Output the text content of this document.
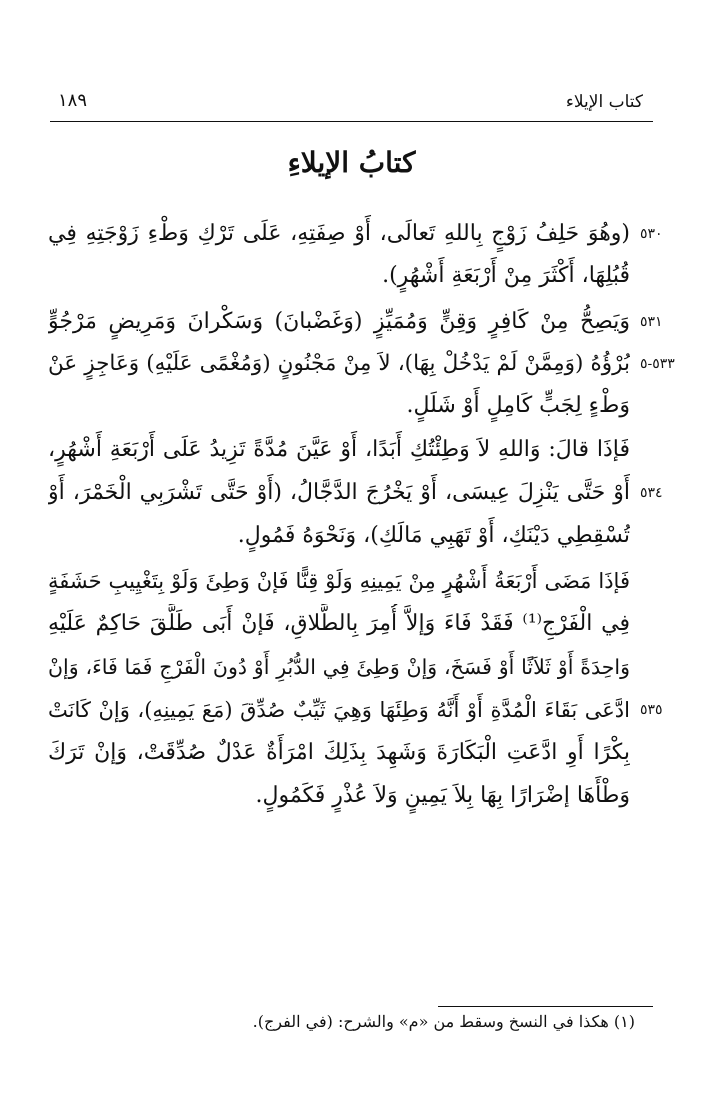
كتاب الإيلاء
١٨٩
كتابُ الإيلاءِ
(وهُوَ حَلِفُ زَوْجٍ بِاللهِ تَعالَى، أَوْ صِفَتِهِ، عَلَى تَرْكِ وَطْءِ زَوْجَتِهِ فِي
قُبُلِهَا، أَكْثَرَ مِنْ أَرْبَعَةِ أَشْهُرٍ).
وَيَصِحُّ مِنْ كَافِرٍ وَقِنٍّ وَمُمَيِّزٍ (وَغَضْبانَ) وَسَكْرانَ وَمَرِيضٍ مَرْجُوٍّ
بُرْؤُهُ (وَمِمَّنْ لَمْ يَدْخُلْ بِهَا)، لاَ مِنْ مَجْنُونٍ (وَمُغْمًى عَلَيْهِ) وَعَاجِزٍ عَنْ
وَطْءٍ لِجَبٍّ كَامِلٍ أَوْ شَلَلٍ.
فَإذَا قالَ: وَاللهِ لاَ وَطِئْتُكِ أَبَدًا، أَوْ عَيَّنَ مُدَّةً تَزِيدُ عَلَى أَرْبَعَةِ أَشْهُرٍ،
أَوْ حَتَّى يَنْزِلَ عِيسَى، أَوْ يَخْرُجَ الدَّجَّالُ، (أَوْ حَتَّى تَشْرَبِي الْخَمْرَ، أَوْ
تُسْقِطِي دَيْنَكِ، أَوْ تَهَبِي مَالَكِ)، وَنَحْوَهُ فَمُولٍ.
فَإذَا مَضَى أَرْبَعَةُ أَشْهُرٍ مِنْ يَمِينِهِ وَلَوْ قِنًّا فَإنْ وَطِئَ وَلَوْ بِتَغْيِيبِ حَشَفَةٍ
فِي الْفَرْجِ⁽¹⁾ فَقَدْ فَاءَ وَإلاَّ أُمِرَ بِالطَّلاقِ، فَإنْ أَبَى طَلَّقَ حَاكِمٌ عَلَيْهِ
وَاحِدَةً أَوْ ثَلاَثًا أَوْ فَسَخَ، وَإنْ وَطِئَ فِي الدُّبُرِ أَوْ دُونَ الْفَرْجِ فَمَا فَاءَ، وَإنْ
ادَّعَى بَقَاءَ الْمُدَّةِ أَوْ أَنَّهُ وَطِئَهَا وَهِيَ ثَيِّبٌ صُدِّقَ (مَعَ يَمِينِهِ)، وَإنْ كَانَتْ
بِكْرًا أَوِ ادَّعَتِ الْبَكَارَةَ وَشَهِدَ بِذَلِكَ امْرَأَةٌ عَدْلٌ صُدِّقَتْ، وَإنْ تَرَكَ
وَطْأَهَا إضْرَارًا بِهَا بِلاَ يَمِينٍ وَلاَ عُذْرٍ فَكَمُولٍ.
٥٣٠
٥٣١
٥٣٣-٥
٥٣٤
٥٣٥
(١) هكذا في النسخ وسقط من «م» والشرح: (في الفرج).
